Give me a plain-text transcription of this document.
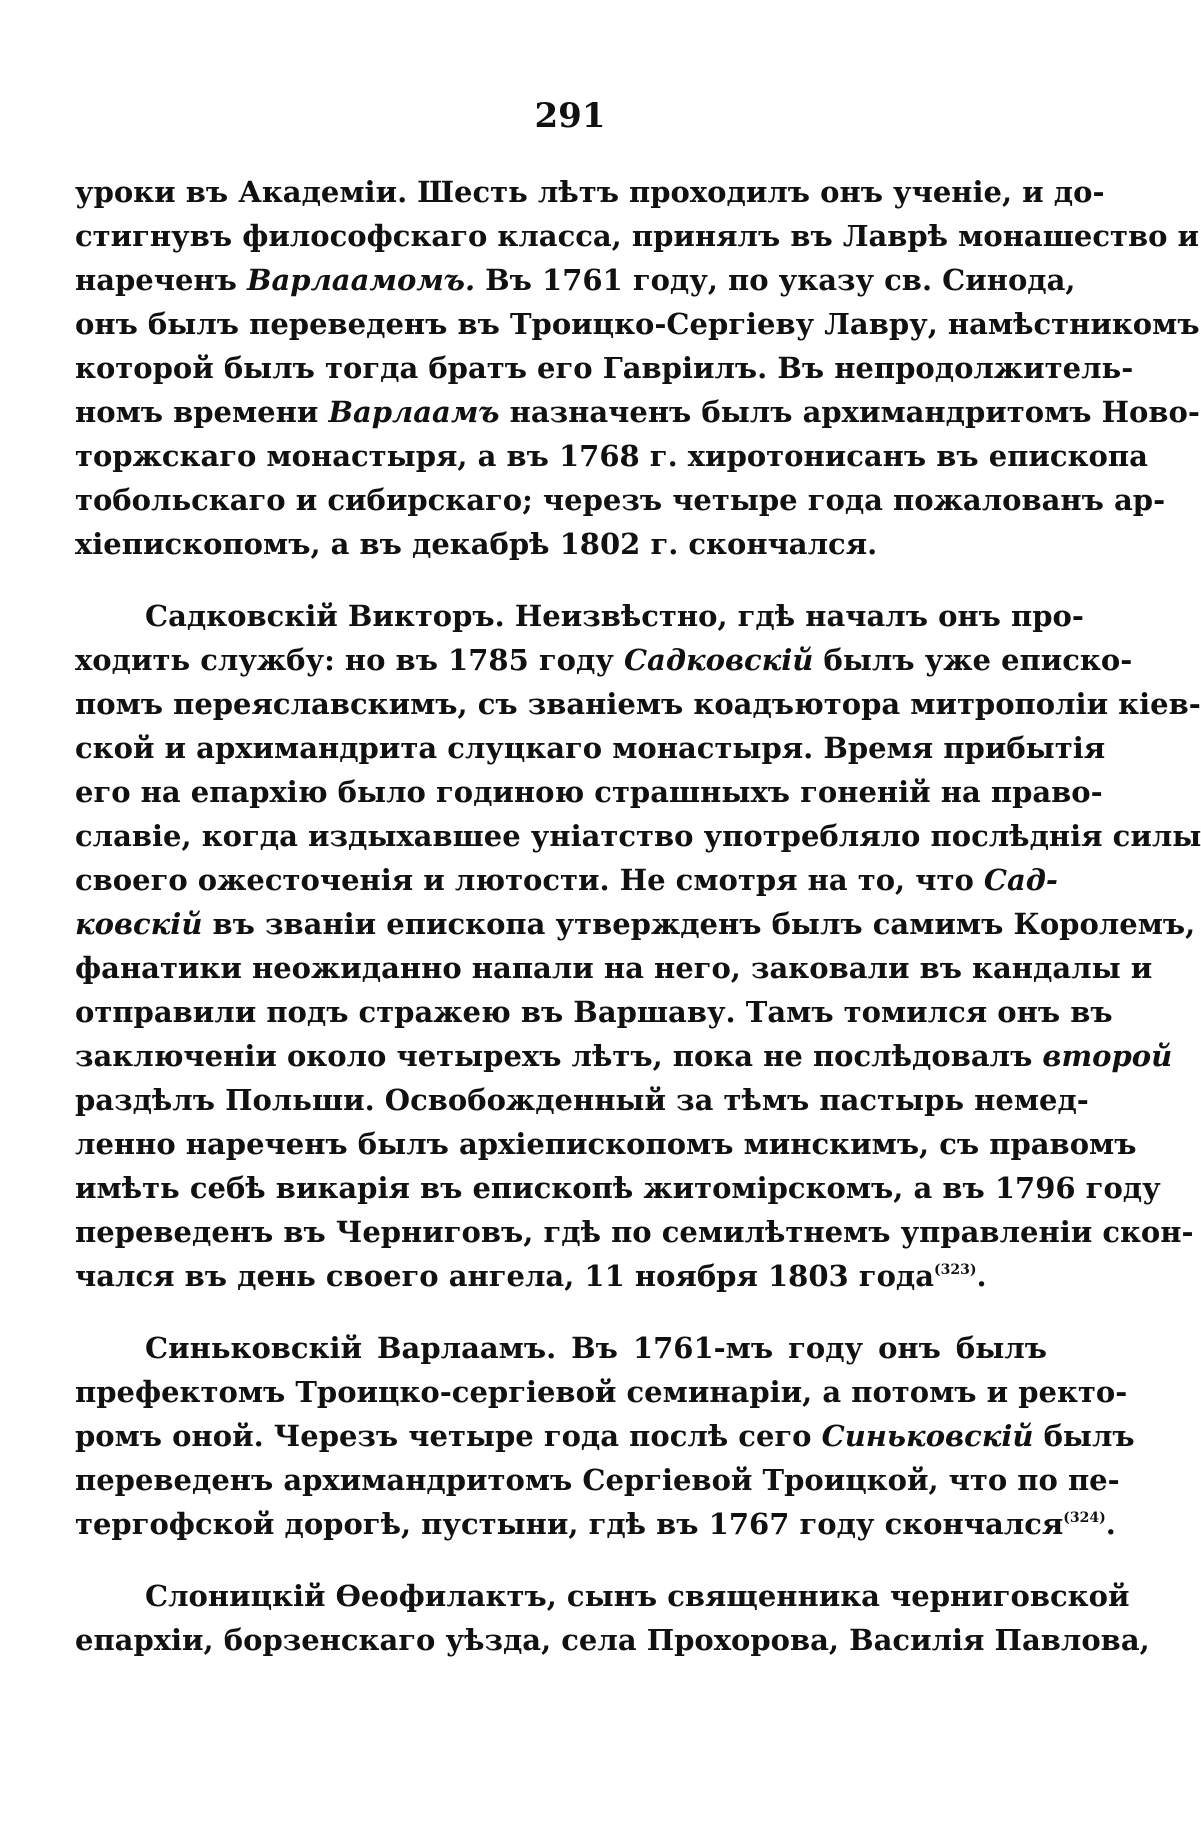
291
уроки въ Академіи. Шесть лѣтъ проходилъ онъ ученіе, и до-
стигнувъ философскаго класса, принялъ въ Лаврѣ монашество и
нареченъ Варлаамомъ. Въ 1761 году, по указу св. Синода,
онъ былъ переведенъ въ Троицко-Сергіеву Лавру, намѣстникомъ
которой былъ тогда братъ его Гавріилъ. Въ непродолжитель-
номъ времени Варлаамъ назначенъ былъ архимандритомъ Ново-
торжскаго монастыря, а въ 1768 г. хиротонисанъ въ епископа
тобольскаго и сибирскаго; черезъ четыре года пожалованъ ар-
хіепископомъ, а въ декабрѣ 1802 г. скончался.
Садковскій Викторъ. Неизвѣстно, гдѣ началъ онъ про-
ходить службу: но въ 1785 году Садковскій былъ уже еписко-
помъ переяславскимъ, съ званіемъ коадъютора митрополіи кіев-
ской и архимандрита слуцкаго монастыря. Время прибытія
его на епархію было годиною страшныхъ гоненій на право-
славіе, когда издыхавшее уніатство употребляло послѣднія силы
своего ожесточенія и лютости. Не смотря на то, что Сад-
ковскій въ званіи епископа утвержденъ былъ самимъ Королемъ,
фанатики неожиданно напали на него, заковали въ кандалы и
отправили подъ стражею въ Варшаву. Тамъ томился онъ въ
заключеніи около четырехъ лѣтъ, пока не послѣдовалъ второй
раздѣлъ Польши. Освобожденный за тѣмъ пастырь немед-
ленно нареченъ былъ архіепископомъ минскимъ, съ правомъ
имѣть себѣ викарія въ епископѣ житомірскомъ, а въ 1796 году
переведенъ въ Черниговъ, гдѣ по семилѣтнемъ управленіи скон-
чался въ день своего ангела, 11 ноября 1803 года$^{(323)}$.
Синьковскій Варлаамъ. Въ 1761-мъ году онъ былъ
префектомъ Троицко-сергіевой семинаріи, а потомъ и ректо-
ромъ оной. Черезъ четыре года послѣ сего Синьковскій былъ
переведенъ архимандритомъ Сергіевой Троицкой, что по пе-
тергофской дорогѣ, пустыни, гдѣ въ 1767 году скончался$^{(324)}$.
Слоницкій Ѳеофилактъ, сынъ священника черниговской
епархіи, борзенскаго уѣзда, села Прохорова, Василія Павлова,
